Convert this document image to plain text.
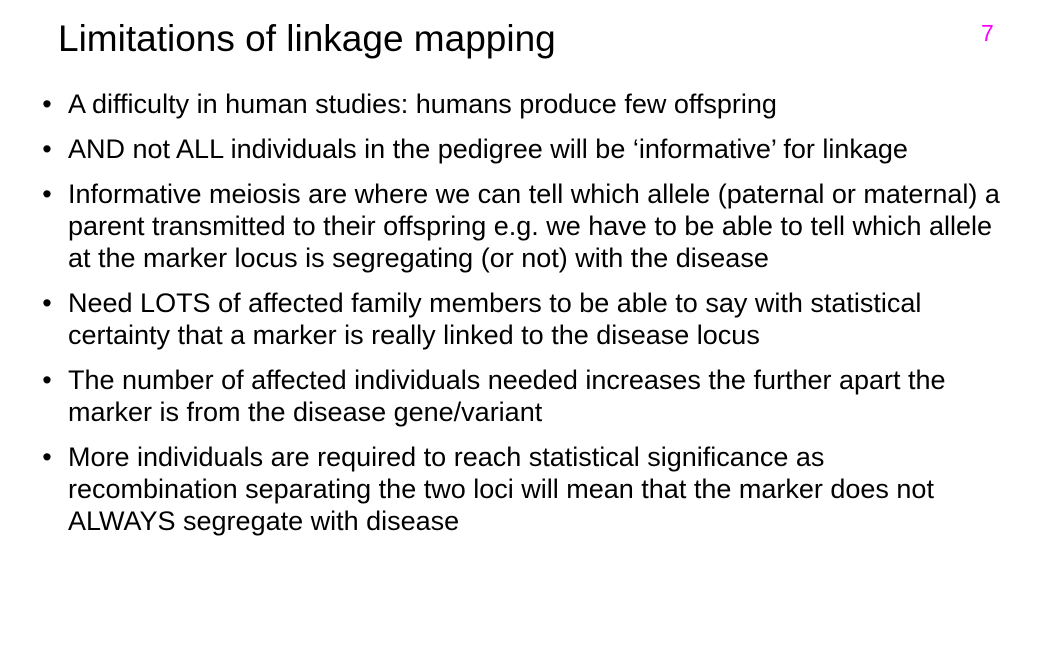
Limitations of linkage mapping	7
• A difficulty in human studies: humans produce few offspring
• AND not ALL individuals in the pedigree will be ‘informative’ for linkage
• Informative meiosis are where we can tell which allele (paternal or maternal) a parent transmitted to their offspring e.g. we have to be able to tell which allele at the marker locus is segregating (or not) with the disease
• Need LOTS of affected family members to be able to say with statistical certainty that a marker is really linked to the disease locus
• The number of affected individuals needed increases the further apart the marker is from the disease gene/variant
• More individuals are required to reach statistical significance as recombination separating the two loci will mean that the marker does not ALWAYS segregate with disease
